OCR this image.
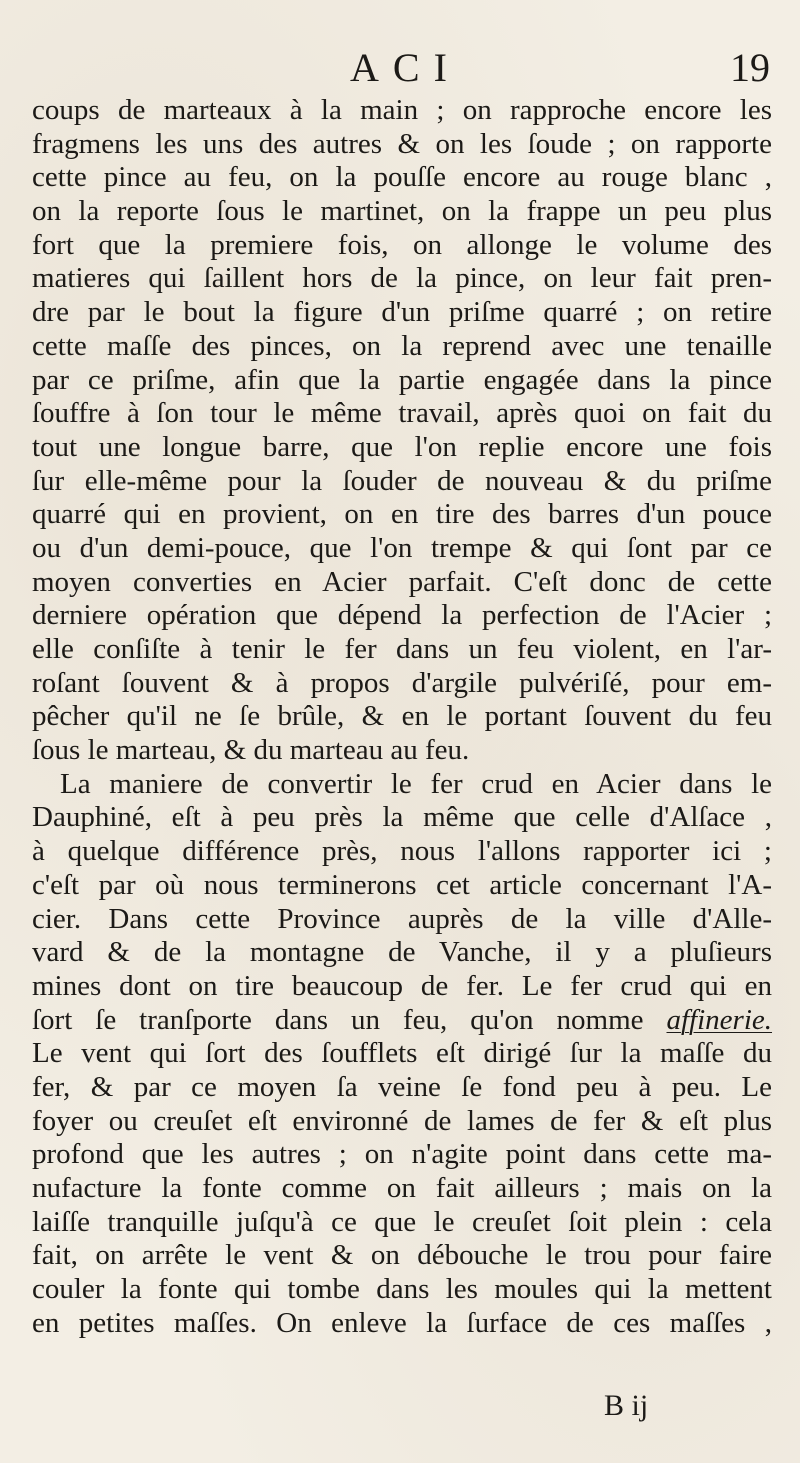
ACI	19
coups de marteaux à la main ; on rapproche encore les
fragmens les uns des autres & on les ſoude ; on rapporte
cette pince au feu, on la pouſſe encore au rouge blanc ,
on la reporte ſous le martinet, on la frappe un peu plus
fort que la premiere fois, on allonge le volume des
matieres qui ſaillent hors de la pince, on leur fait pren-
dre par le bout la figure d'un priſme quarré ; on retire
cette maſſe des pinces, on la reprend avec une tenaille
par ce priſme, afin que la partie engagée dans la pince
ſouffre à ſon tour le même travail, après quoi on fait du
tout une longue barre, que l'on replie encore une fois
ſur elle-même pour la ſouder de nouveau & du priſme
quarré qui en provient, on en tire des barres d'un pouce
ou d'un demi-pouce, que l'on trempe & qui ſont par ce
moyen converties en Acier parfait. C'eſt donc de cette
derniere opération que dépend la perfection de l'Acier ;
elle conſiſte à tenir le fer dans un feu violent, en l'ar-
roſant ſouvent & à propos d'argile pulvériſé, pour em-
pêcher qu'il ne ſe brûle, & en le portant ſouvent du feu
ſous le marteau, & du marteau au feu.
La maniere de convertir le fer crud en Acier dans le
Dauphiné, eſt à peu près la même que celle d'Alſace ,
à quelque différence près, nous l'allons rapporter ici ;
c'eſt par où nous terminerons cet article concernant l'A-
cier. Dans cette Province auprès de la ville d'Alle-
vard & de la montagne de Vanche, il y a pluſieurs
mines dont on tire beaucoup de fer. Le fer crud qui en
ſort ſe tranſporte dans un feu, qu'on nomme affinerie.
Le vent qui ſort des ſoufflets eſt dirigé ſur la maſſe du
fer, & par ce moyen ſa veine ſe fond peu à peu. Le
foyer ou creuſet eſt environné de lames de fer & eſt plus
profond que les autres ; on n'agite point dans cette ma-
nufacture la fonte comme on fait ailleurs ; mais on la
laiſſe tranquille juſqu'à ce que le creuſet ſoit plein : cela
fait, on arrête le vent & on débouche le trou pour faire
couler la fonte qui tombe dans les moules qui la mettent
en petites maſſes. On enleve la ſurface de ces maſſes ,
B ij
